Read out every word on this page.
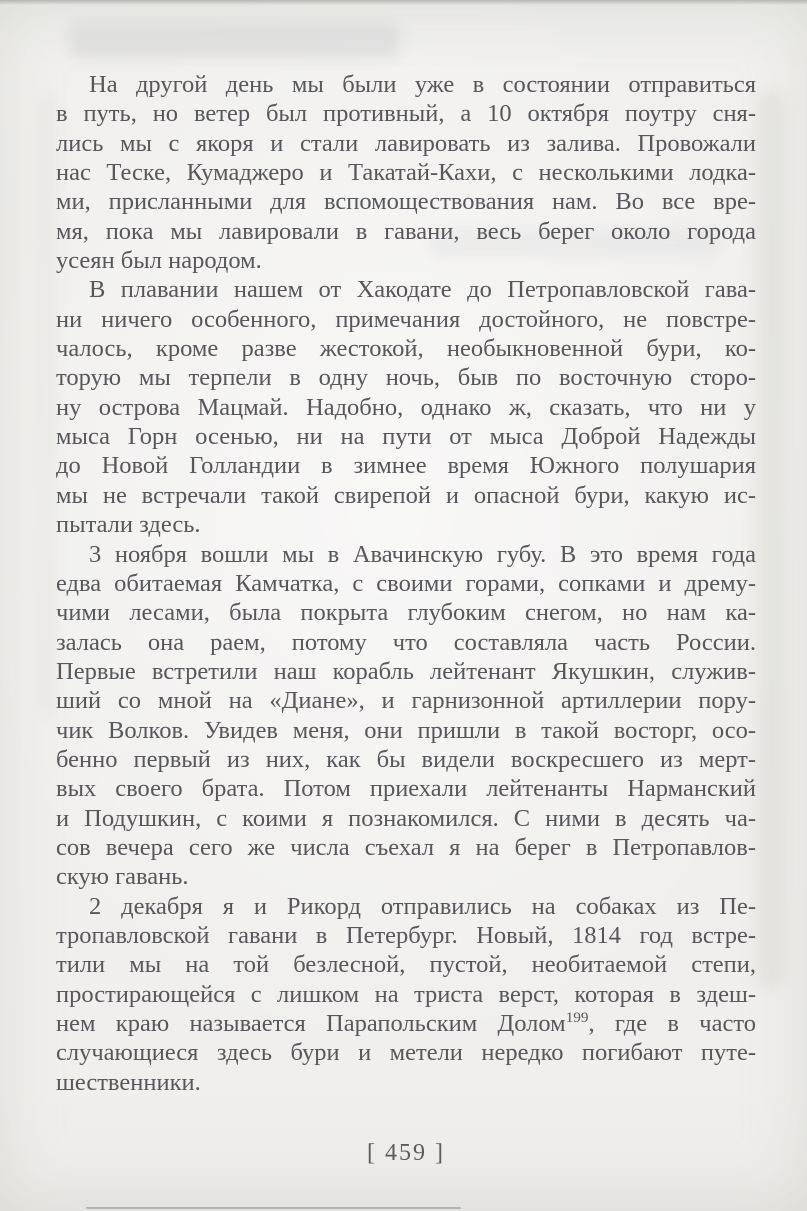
На другой день мы были уже в состоянии отправиться
в путь, но ветер был противный, а 10 октября поутру сня-
лись мы с якоря и стали лавировать из залива. Провожали
нас Теске, Кумаджеро и Такатай-Кахи, с несколькими лодка-
ми, присланными для вспомоществования нам. Во все вре-
мя, пока мы лавировали в гавани, весь берег около города
усеян был народом.
В плавании нашем от Хакодате до Петропавловской гава-
ни ничего особенного, примечания достойного, не повстре-
чалось, кроме разве жестокой, необыкновенной бури, ко-
торую мы терпели в одну ночь, быв по восточную сторо-
ну острова Мацмай. Надобно, однако ж, сказать, что ни у
мыса Горн осенью, ни на пути от мыса Доброй Надежды
до Новой Голландии в зимнее время Южного полушария
мы не встречали такой свирепой и опасной бури, какую ис-
пытали здесь.
3 ноября вошли мы в Авачинскую губу. В это время года
едва обитаемая Камчатка, с своими горами, сопками и дрему-
чими лесами, была покрыта глубоким снегом, но нам ка-
залась она раем, потому что составляла часть России.
Первые встретили наш корабль лейтенант Якушкин, служив-
ший со мной на «Диане», и гарнизонной артиллерии пору-
чик Волков. Увидев меня, они пришли в такой восторг, осо-
бенно первый из них, как бы видели воскресшего из мерт-
вых своего брата. Потом приехали лейтенанты Нарманский
и Подушкин, с коими я познакомился. С ними в десять ча-
сов вечера сего же числа съехал я на берег в Петропавлов-
скую гавань.
2 декабря я и Рикорд отправились на собаках из Пе-
тропавловской гавани в Петербург. Новый, 1814 год встре-
тили мы на той безлесной, пустой, необитаемой степи,
простирающейся с лишком на триста верст, которая в здеш-
нем краю называется Парапольским Долом$^{199}$, где в часто
случающиеся здесь бури и метели нередко погибают путе-
шественники.
[ 459 ]
